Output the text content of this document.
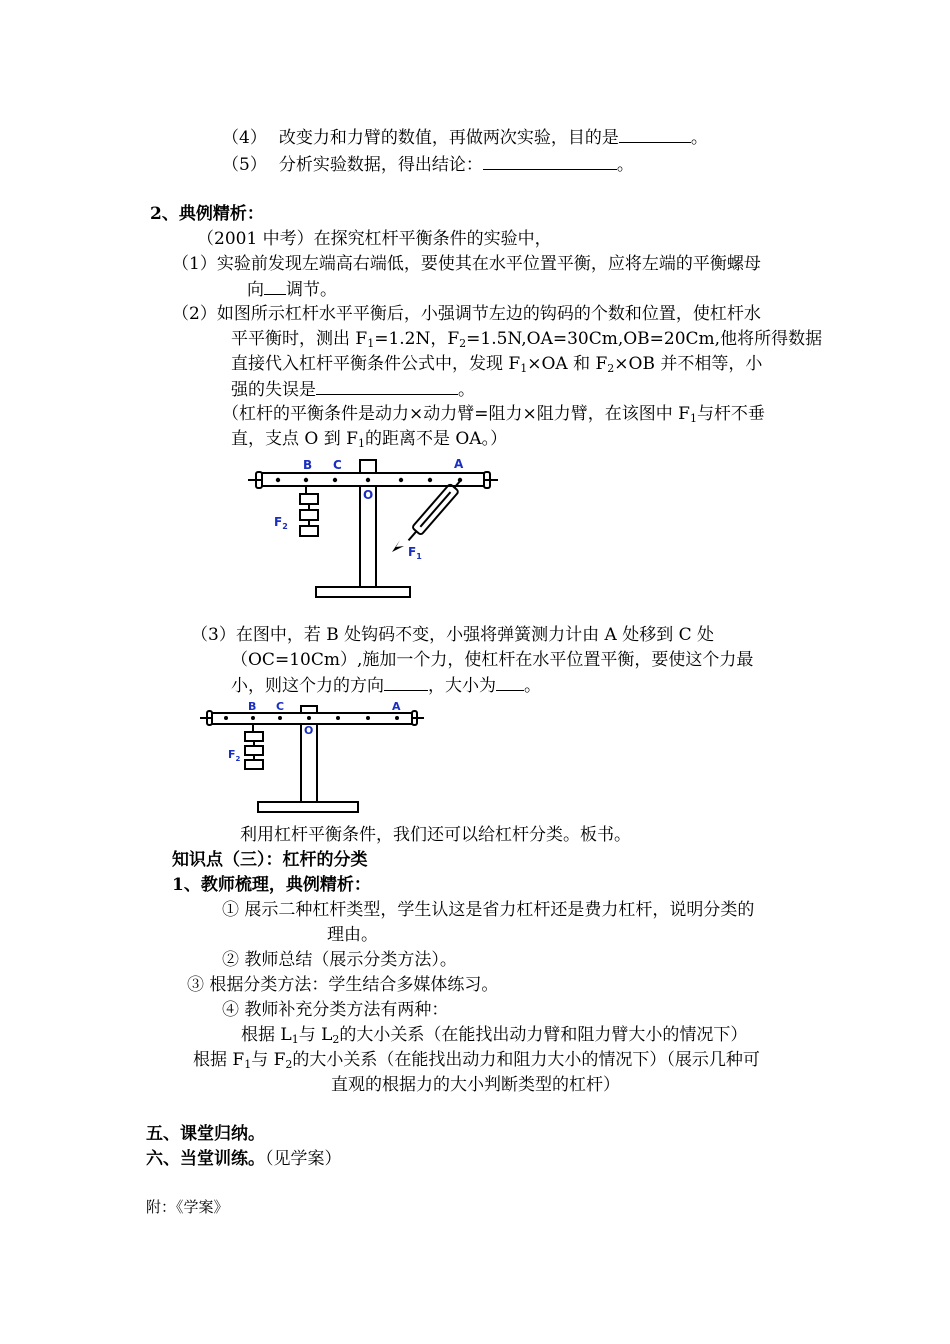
（4） 改变力和力臂的数值，再做两次实验，目的是	。
（5） 分析实验数据，得出结论：	。
2、典例精析：
（2001 中考）在探究杠杆平衡条件的实验中，
（1）实验前发现左端高右端低，要使其在水平位置平衡，应将左端的平衡螺母
向 调节。
（2）如图所示杠杆水平平衡后，小强调节左边的钩码的个数和位置，使杠杆水
平平衡时，测出 $F_1=1.2N$，$F_2=1.5N,OA=30Cm,OB=20Cm$,他将所得数据
直接代入杠杆平衡条件公式中，发现 $F_1\times OA$ 和 $F_2\times OB$ 并不相等，小
强的失误是	。
（杠杆的平衡条件是动力×动力臂=阻力×阻力臂，在该图中 $F_1$与杆不垂
直，支点 O 到 $F_1$的距离不是 OA。）
B C	A
O
$F_2$
$F_1$
（3）在图中，若 B 处钩码不变，小强将弹簧测力计由 A 处移到 C 处
（OC=10Cm）,施加一个力，使杠杆在水平位置平衡，要使这个力最
小，则这个力的方向	，大小为 。
B C	A
O
$F_2$
利用杠杆平衡条件，我们还可以给杠杆分类。板书。
知识点（三）：杠杆的分类
1、教师梳理，典例精析：
① 展示二种杠杆类型，学生认这是省力杠杆还是费力杠杆，说明分类的
理由。
② 教师总结（展示分类方法）。
③ 根据分类方法：学生结合多媒体练习。
④ 教师补充分类方法有两种：
根据 $L_1$与 $L_2$的大小关系（在能找出动力臂和阻力臂大小的情况下）
根据 $F_1$与 $F_2$的大小关系（在能找出动力和阻力大小的情况下）（展示几种可
直观的根据力的大小判断类型的杠杆）
五、课堂归纳。
六、当堂训练。（见学案）
附：《学案》
